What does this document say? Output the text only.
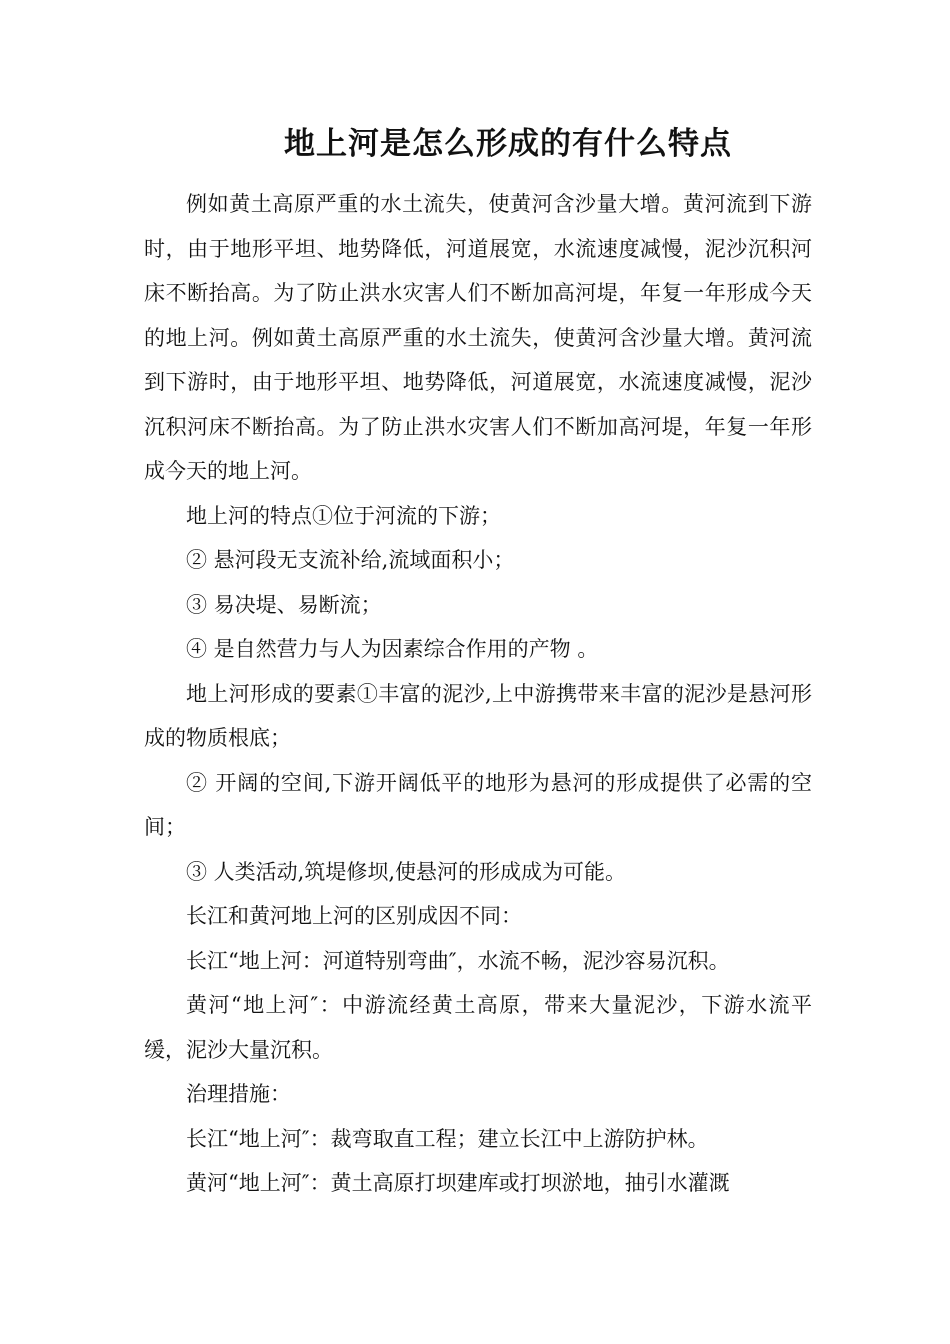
地上河是怎么形成的有什么特点

例如黄土高原严重的水土流失，使黄河含沙量大增。黄河流到下游时，由于地形平坦、地势降低，河道展宽，水流速度减慢，泥沙沉积河床不断抬高。为了防止洪水灾害人们不断加高河堤，年复一年形成今天的地上河。例如黄土高原严重的水土流失，使黄河含沙量大增。黄河流到下游时，由于地形平坦、地势降低，河道展宽，水流速度减慢，泥沙沉积河床不断抬高。为了防止洪水灾害人们不断加高河堤，年复一年形成今天的地上河。

地上河的特点①位于河流的下游；

② 悬河段无支流补给,流域面积小；

③ 易决堤、易断流；

④ 是自然营力与人为因素综合作用的产物 。

地上河形成的要素①丰富的泥沙,上中游携带来丰富的泥沙是悬河形成的物质根底；

② 开阔的空间,下游开阔低平的地形为悬河的形成提供了必需的空间；

③ 人类活动,筑堤修坝,使悬河的形成成为可能。

长江和黄河地上河的区别成因不同：

长江“地上河：河道特别弯曲″，水流不畅，泥沙容易沉积。

黄河“地上河″：中游流经黄土高原，带来大量泥沙，下游水流平缓，泥沙大量沉积。

治理措施：

长江“地上河″：裁弯取直工程；建立长江中上游防护林。

黄河“地上河″：黄土高原打坝建库或打坝淤地，抽引水灌溉
